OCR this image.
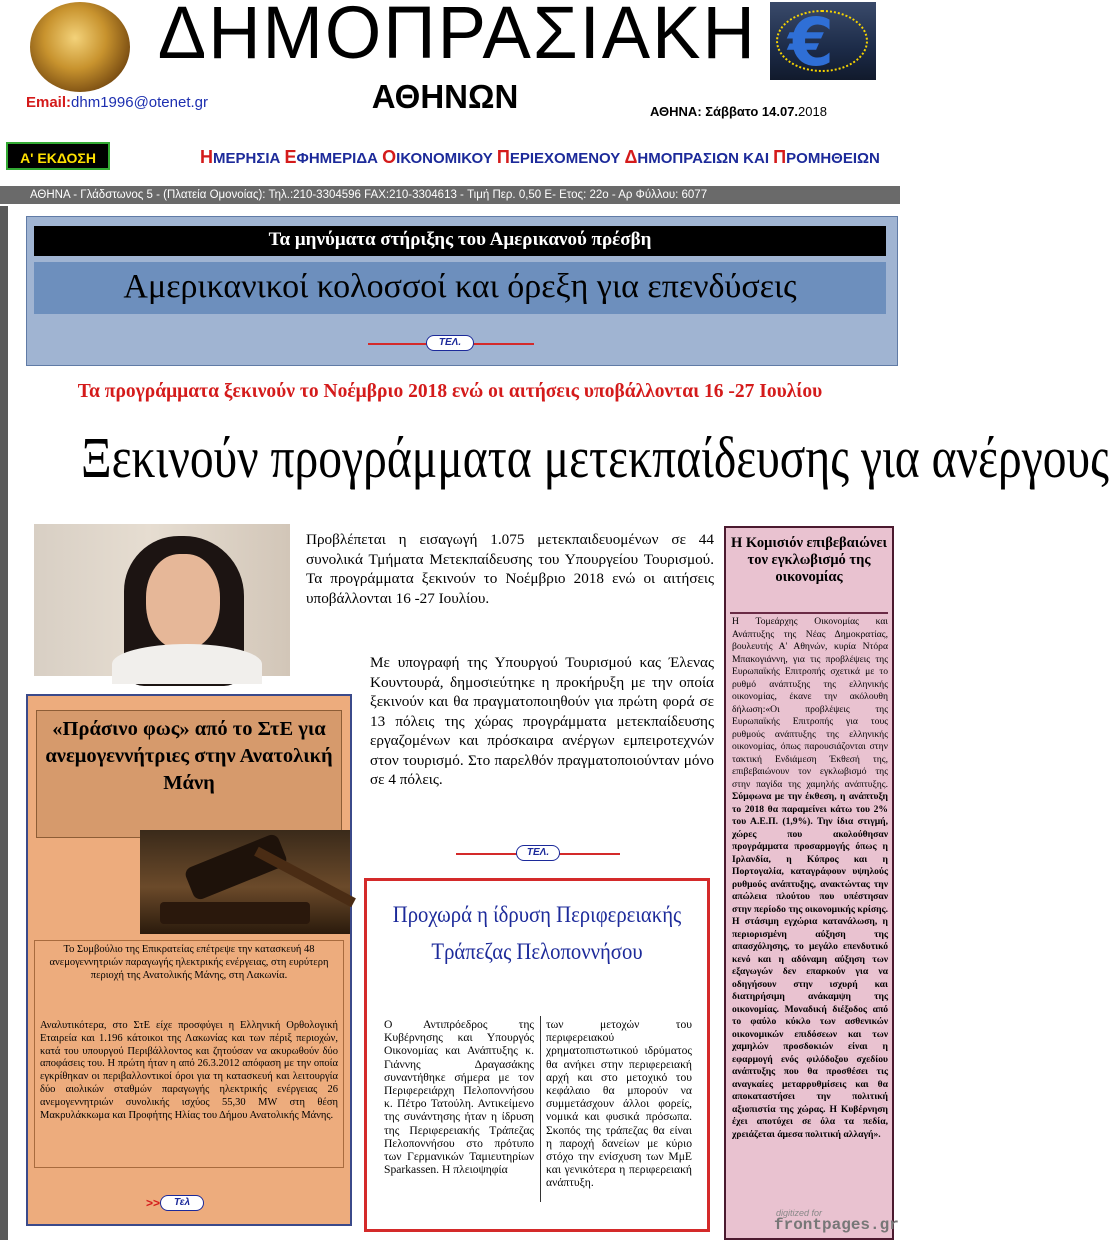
€
ΔΗΜΟΠΡΑΣΙΑΚΗ
ΑΘΗΝΩΝ
Email:dhm1996@otenet.gr
ΑΘΗΝΑ: Σάββατο 14.07.2018
Α' ΕΚΔΟΣΗ	ΗΜΕΡΗΣΙΑ ΕΦΗΜΕΡΙΔΑ ΟΙΚΟΝΟΜΙΚΟΥ ΠΕΡΙΕΧΟΜΕΝΟΥ ΔΗΜΟΠΡΑΣΙΩΝ ΚΑΙ ΠΡΟΜΗΘΕΙΩΝ
ΑΘΗΝΑ - Γλάδστωνος 5 - (Πλατεία Ομονοίας): Τηλ.:210-3304596 FAX:210-3304613 - Τιμή Περ. 0,50 Ε- Ετος: 22ο - Αρ Φύλλου: 6077
Τα μηνύματα στήριξης του Αμερικανού πρέσβη
Αμερικανικοί κολοσσοί και όρεξη για επενδύσεις
ΤΕΛ.
Τα προγράμματα ξεκινούν το Νοέμβριο 2018 ενώ οι αιτήσεις υποβάλλονται 16 -27 Ιουλίου
Ξεκινούν προγράμματα μετεκπαίδευσης για ανέργους

Προβλέπεται η εισαγωγή 1.075 μετεκπαιδευομένων σε 44 συνολικά Τμήματα Μετεκπαίδευσης του Υπουργείου Τουρισμού. Τα προγράμματα ξεκινούν το Νοέμβριο 2018 ενώ οι αιτήσεις υποβάλλονται 16 -27 Ιουλίου.

Με υπογραφή της Υπουργού Τουρισμού κας Έλενας Κουντουρά, δημοσιεύτηκε η προκήρυξη με την οποία ξεκινούν και θα πραγματοποιηθούν για πρώτη φορά σε 13 πόλεις της χώρας προγράμματα μετεκπαίδευσης εργαζομένων και πρόσκαιρα ανέργων εμπειροτεχνών στον τουρισμό. Στο παρελθόν πραγματοποιούνταν μόνο σε 4 πόλεις.

ΤΕΛ.
«Πράσινο φως» από το ΣτΕ για ανεμογεννήτριες στην Ανατολική Μάνη

Το Συμβούλιο της Επικρατείας επέτρεψε την κατασκευή 48 ανεμογεννητριών παραγωγής ηλεκτρικής ενέργειας, στη ευρύτερη περιοχή της Ανατολικής Μάνης, στη Λακωνία.

Αναλυτικότερα, στο ΣτΕ είχε προσφύγει η Ελληνική Ορθολογική Εταιρεία και 1.196 κάτοικοι της Λακωνίας και των πέριξ περιοχών, κατά του υπουργού Περιβάλλοντος και ζητούσαν να ακυρωθούν δύο αποφάσεις του. Η πρώτη ήταν η από 26.3.2012 απόφαση με την οποία εγκρίθηκαν οι περιβαλλοντικοί όροι για τη κατασκευή και λειτουργία δύο αιολικών σταθμών παραγωγής ηλεκτρικής ενέργειας 26 ανεμογεννητριών συνολικής ισχύος 55,30 MW στη θέση Μακρυλάκκωμα και Προφήτης Ηλίας του Δήμου Ανατολικής Μάνης.

>>	Τελ
Προχωρά η ίδρυση Περιφερειακής Τράπεζας Πελοποννήσου

Ο Αντιπρόεδρος της Κυβέρνησης και Υπουργός Οικονομίας και Ανάπτυξης κ. Γιάννης Δραγασάκης συναντήθηκε σήμερα με τον Περιφερειάρχη Πελοποννήσου κ. Πέτρο Τατούλη. Αντικείμενο της συνάντησης ήταν η ίδρυση της Περιφερειακής Τράπεζας Πελοποννήσου στο πρότυπο των Γερμανικών Ταμιευτηρίων Sparkassen. Η πλειοψηφία

των μετοχών του περιφερειακού χρηματοπιστωτικού ιδρύματος θα ανήκει στην περιφερειακή αρχή και στο μετοχικό του κεφάλαιο θα μπορούν να συμμετάσχουν άλλοι φορείς, νομικά και φυσικά πρόσωπα. Σκοπός της τράπεζας θα είναι η παροχή δανείων με κύριο στόχο την ενίσχυση των ΜμΕ και γενικότερα η περιφερειακή ανάπτυξη.

Η Κομισιόν επιβεβαιώνει τον εγκλωβισμό της οικονομίας
Η Τομεάρχης Οικονομίας και Ανάπτυξης της Νέας Δημοκρατίας, βουλευτής Α' Αθηνών, κυρία Ντόρα Μπακογιάννη, για τις προβλέψεις της Ευρωπαϊκής Επιτροπής σχετικά με το ρυθμό ανάπτυξης της ελληνικής οικονομίας, έκανε την ακόλουθη δήλωση:«Οι προβλέψεις της Ευρωπαϊκής Επιτροπής για τους ρυθμούς ανάπτυξης της ελληνικής οικονομίας, όπως παρουσιάζονται στην τακτική Ενδιάμεση Έκθεσή της, επιβεβαιώνουν τον εγκλωβισμό της στην παγίδα της χαμηλής ανάπτυξης. Σύμφωνα με την έκθεση, η ανάπτυξη το 2018 θα παραμείνει κάτω του 2% του Α.Ε.Π. (1,9%). Την ίδια στιγμή, χώρες που ακολούθησαν προγράμματα προσαρμογής όπως η Ιρλανδία, η Κύπρος και η Πορτογαλία, καταγράφουν υψηλούς ρυθμούς ανάπτυξης, ανακτώντας την απώλεια πλούτου που υπέστησαν στην περίοδο της οικονομικής κρίσης. Η στάσιμη εγχώρια κατανάλωση, η περιορισμένη αύξηση της απασχόλησης, το μεγάλο επενδυτικό κενό και η αδύναμη αύξηση των εξαγωγών δεν επαρκούν για να οδηγήσουν στην ισχυρή και διατηρήσιμη ανάκαμψη της οικονομίας. Μοναδική διέξοδος από το φαύλο κύκλο των ασθενικών οικονομικών επιδόσεων και των χαμηλών προσδοκιών είναι η εφαρμογή ενός φιλόδοξου σχεδίου ανάπτυξης που θα προσθέσει τις αναγκαίες μεταρρυθμίσεις και θα αποκαταστήσει την πολιτική αξιοπιστία της χώρας. Η Κυβέρνηση έχει αποτύχει σε όλα τα πεδία, χρειάζεται άμεσα πολιτική αλλαγή».
digitized for
frontpages.gr
